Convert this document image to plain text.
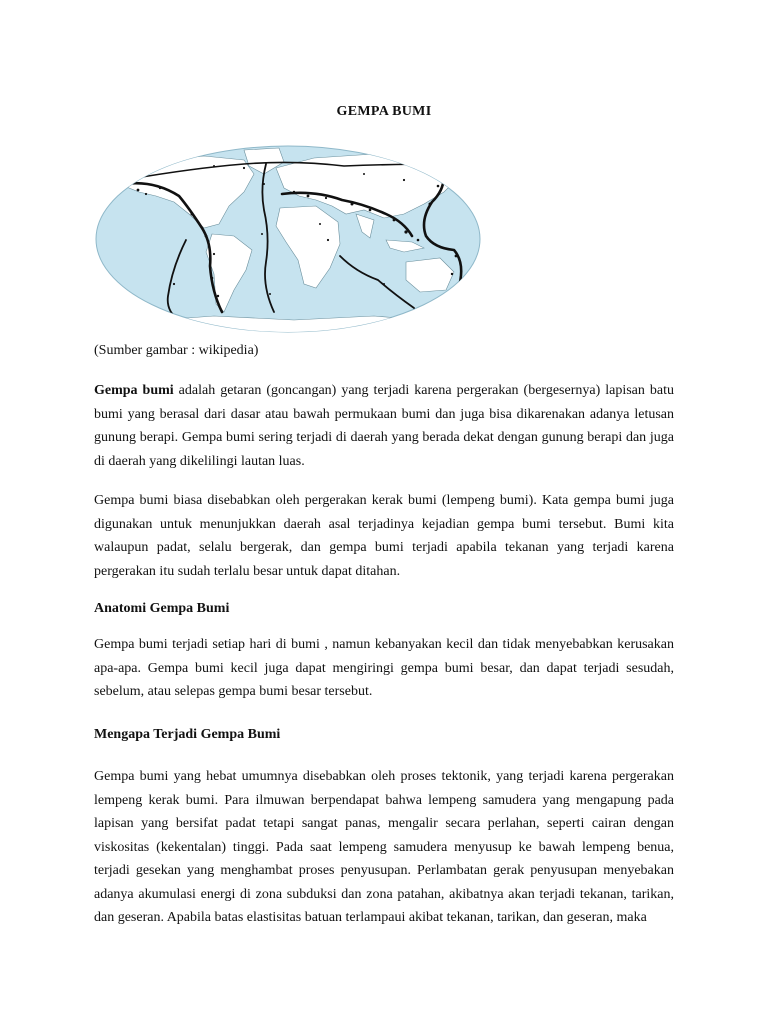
GEMPA BUMI
(Sumber gambar : wikipedia)
Gempa bumi adalah getaran (goncangan) yang terjadi karena pergerakan (bergesernya) lapisan batu bumi yang berasal dari dasar atau bawah permukaan bumi dan juga bisa dikarenakan adanya letusan gunung berapi. Gempa bumi sering terjadi di daerah yang berada dekat dengan gunung berapi dan juga di daerah yang dikelilingi lautan luas.
Gempa bumi biasa disebabkan oleh pergerakan kerak bumi (lempeng bumi). Kata gempa bumi juga digunakan untuk menunjukkan daerah asal terjadinya kejadian gempa bumi tersebut. Bumi kita walaupun padat, selalu bergerak, dan gempa bumi terjadi apabila tekanan yang terjadi karena pergerakan itu sudah terlalu besar untuk dapat ditahan.
Anatomi Gempa Bumi
Gempa bumi terjadi setiap hari di bumi , namun kebanyakan kecil dan tidak menyebabkan kerusakan apa-apa. Gempa bumi kecil juga dapat mengiringi gempa bumi besar, dan dapat terjadi sesudah, sebelum, atau selepas gempa bumi besar tersebut.
Mengapa Terjadi Gempa Bumi
Gempa bumi yang hebat umumnya disebabkan oleh proses tektonik, yang terjadi karena pergerakan lempeng kerak bumi. Para ilmuwan berpendapat bahwa lempeng samudera yang mengapung pada lapisan yang bersifat padat tetapi sangat panas, mengalir secara perlahan, seperti cairan dengan viskositas (kekentalan) tinggi. Pada saat lempeng samudera menyusup ke bawah lempeng benua, terjadi gesekan yang menghambat proses penyusupan. Perlambatan gerak penyusupan menyebakan adanya akumulasi energi di zona subduksi dan zona patahan, akibatnya akan terjadi tekanan, tarikan, dan geseran. Apabila batas elastisitas batuan terlampaui akibat tekanan, tarikan, dan geseran, maka
